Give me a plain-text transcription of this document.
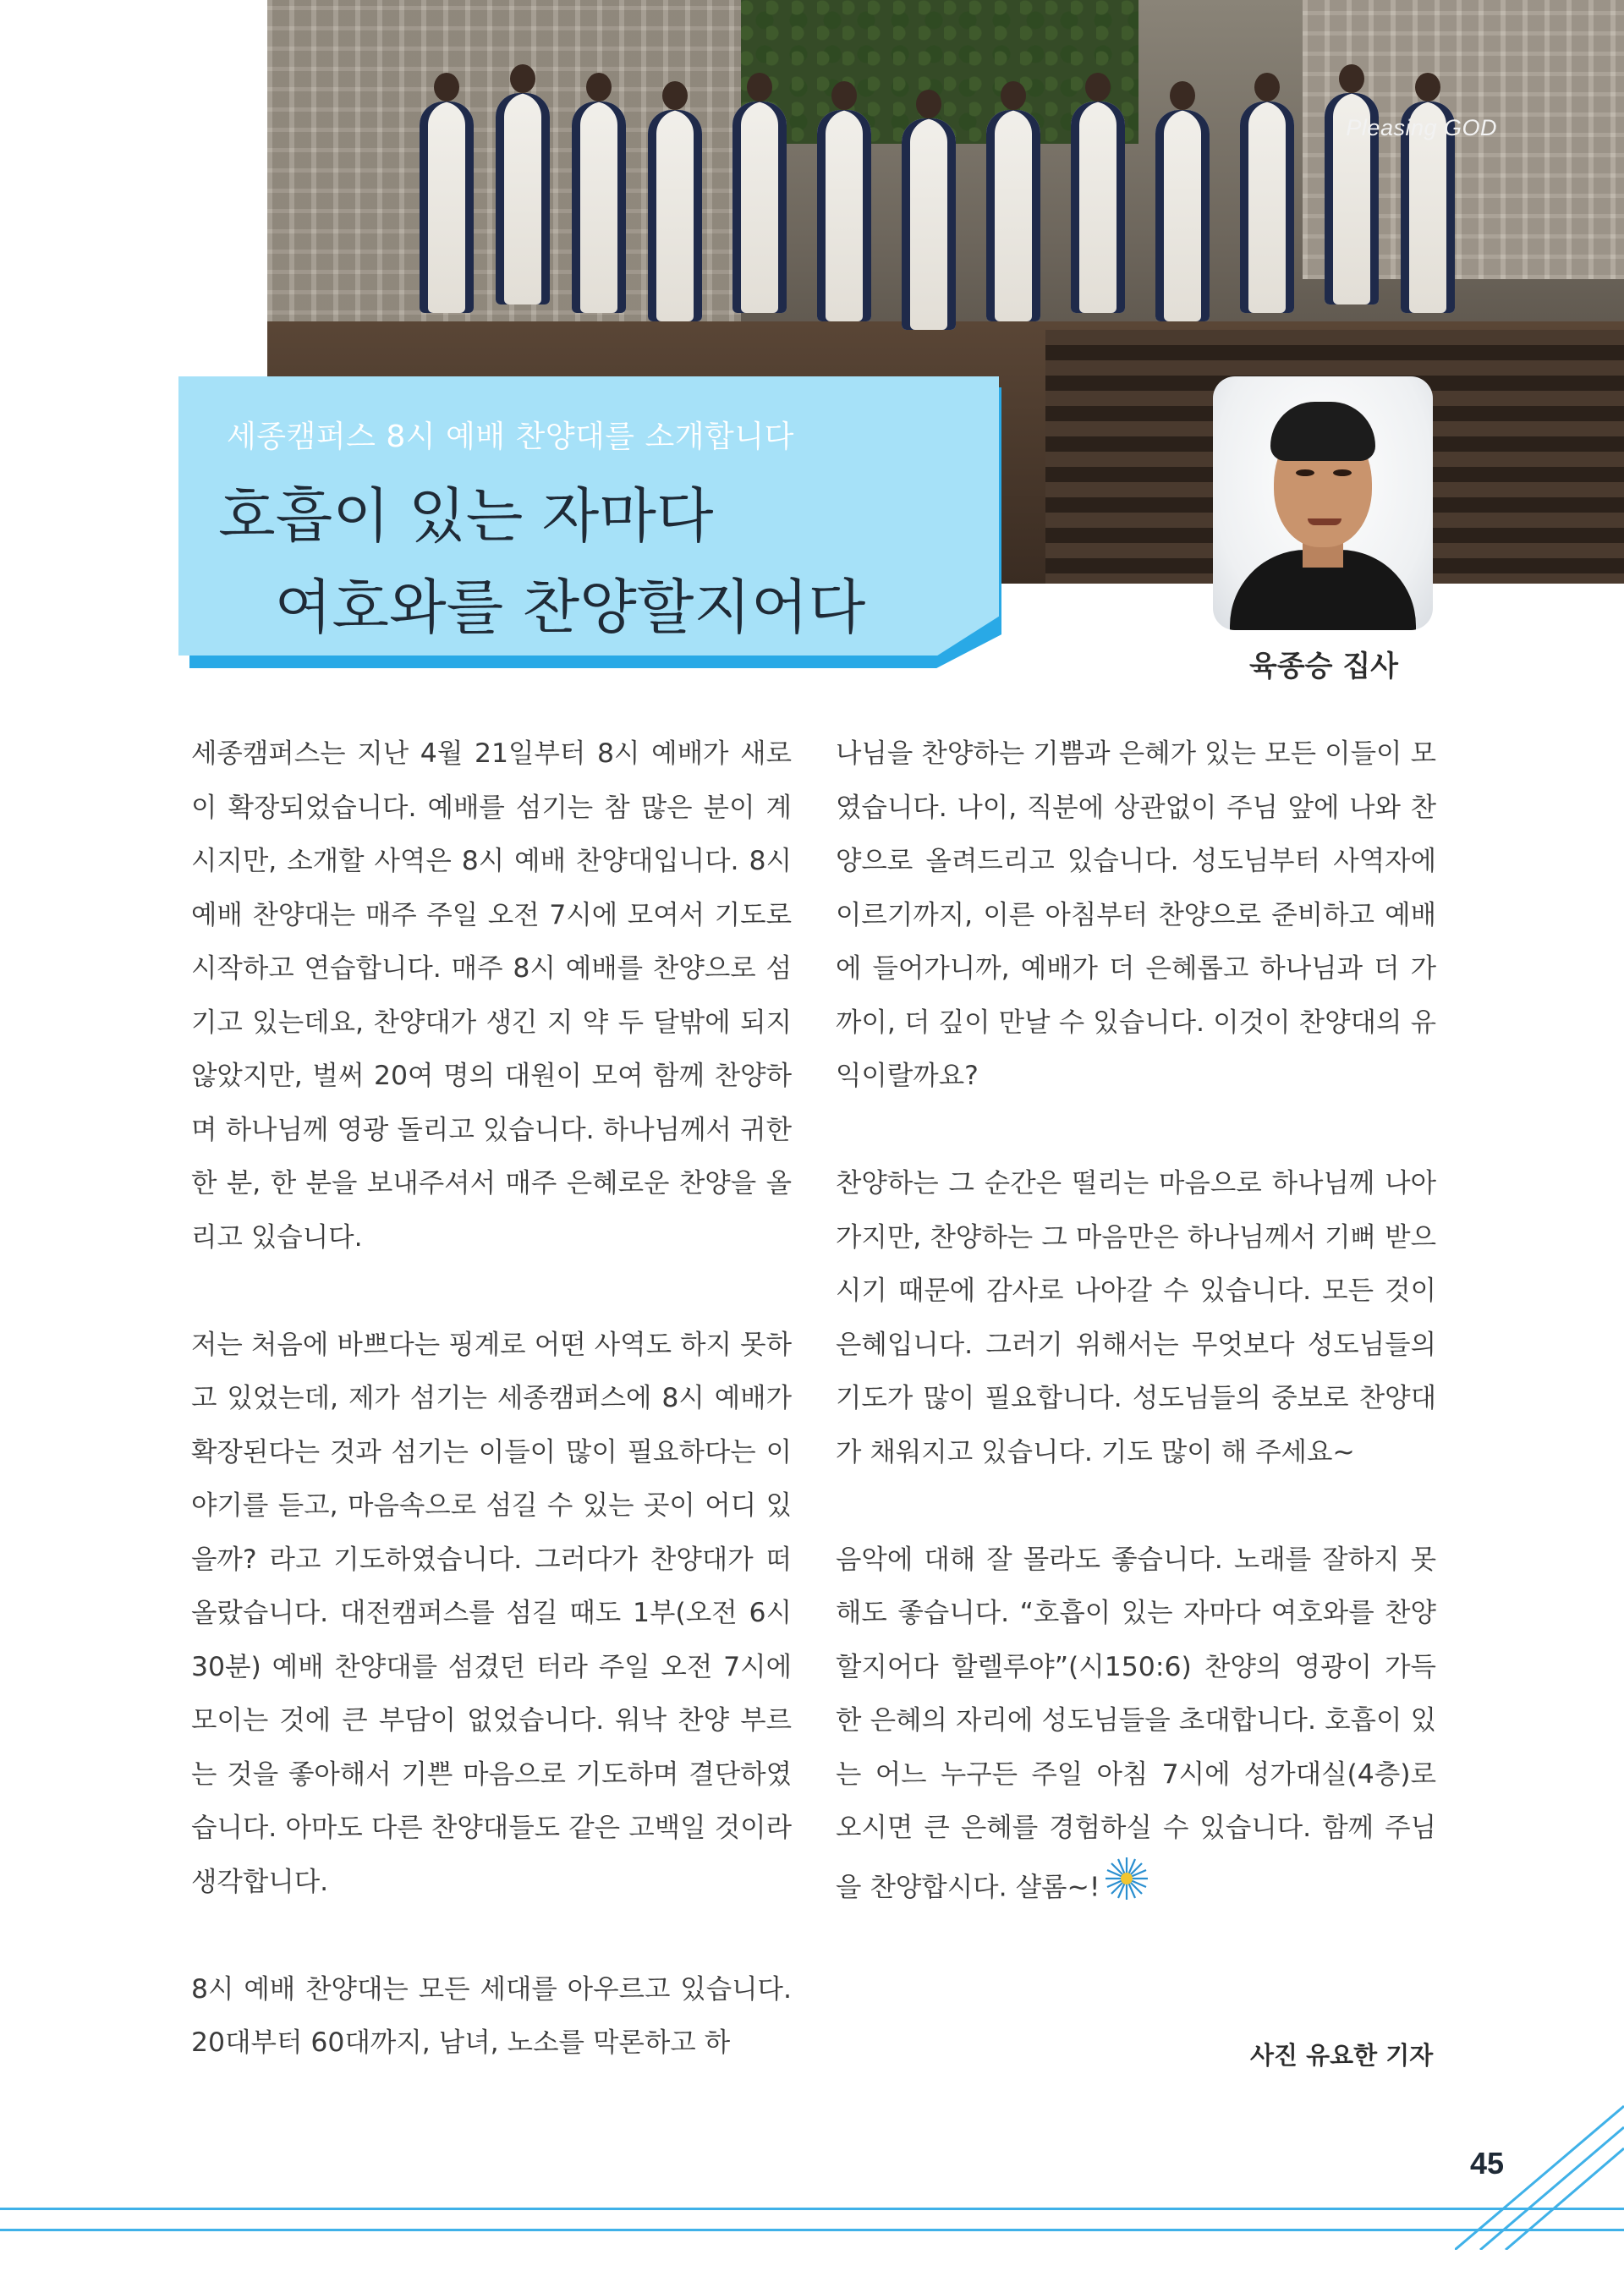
Pleasing GOD
세종캠퍼스 8시 예배 찬양대를 소개합니다
호흡이 있는 자마다
여호와를 찬양할지어다
육종승 집사

세종캠퍼스는 지난 4월 21일부터 8시 예배가 새로이 확장되었습니다. 예배를 섬기는 참 많은 분이 계시지만, 소개할 사역은 8시 예배 찬양대입니다. 8시 예배 찬양대는 매주 주일 오전 7시에 모여서 기도로 시작하고 연습합니다. 매주 8시 예배를 찬양으로 섬기고 있는데요, 찬양대가 생긴 지 약 두 달밖에 되지 않았지만, 벌써 20여 명의 대원이 모여 함께 찬양하며 하나님께 영광 돌리고 있습니다. 하나님께서 귀한 한 분, 한 분을 보내주셔서 매주 은혜로운 찬양을 올리고 있습니다.

저는 처음에 바쁘다는 핑계로 어떤 사역도 하지 못하고 있었는데, 제가 섬기는 세종캠퍼스에 8시 예배가 확장된다는 것과 섬기는 이들이 많이 필요하다는 이야기를 듣고, 마음속으로 섬길 수 있는 곳이 어디 있을까? 라고 기도하였습니다. 그러다가 찬양대가 떠올랐습니다. 대전캠퍼스를 섬길 때도 1부(오전 6시 30분) 예배 찬양대를 섬겼던 터라 주일 오전 7시에 모이는 것에 큰 부담이 없었습니다. 워낙 찬양 부르는 것을 좋아해서 기쁜 마음으로 기도하며 결단하였습니다. 아마도 다른 찬양대들도 같은 고백일 것이라 생각합니다.

8시 예배 찬양대는 모든 세대를 아우르고 있습니다. 20대부터 60대까지, 남녀, 노소를 막론하고 하

나님을 찬양하는 기쁨과 은혜가 있는 모든 이들이 모였습니다. 나이, 직분에 상관없이 주님 앞에 나와 찬양으로 올려드리고 있습니다. 성도님부터 사역자에 이르기까지, 이른 아침부터 찬양으로 준비하고 예배에 들어가니까, 예배가 더 은혜롭고 하나님과 더 가까이, 더 깊이 만날 수 있습니다. 이것이 찬양대의 유익이랄까요?

찬양하는 그 순간은 떨리는 마음으로 하나님께 나아가지만, 찬양하는 그 마음만은 하나님께서 기뻐 받으시기 때문에 감사로 나아갈 수 있습니다. 모든 것이 은혜입니다. 그러기 위해서는 무엇보다 성도님들의 기도가 많이 필요합니다. 성도님들의 중보로 찬양대가 채워지고 있습니다. 기도 많이 해 주세요~

음악에 대해 잘 몰라도 좋습니다. 노래를 잘하지 못해도 좋습니다. “호흡이 있는 자마다 여호와를 찬양할지어다 할렐루야”(시150:6) 찬양의 영광이 가득한 은혜의 자리에 성도님들을 초대합니다. 호흡이 있는 어느 누구든 주일 아침 7시에 성가대실(4층)로 오시면 큰 은혜를 경험하실 수 있습니다. 함께 주님을 찬양합시다. 샬롬~!

사진 유요한 기자
45
